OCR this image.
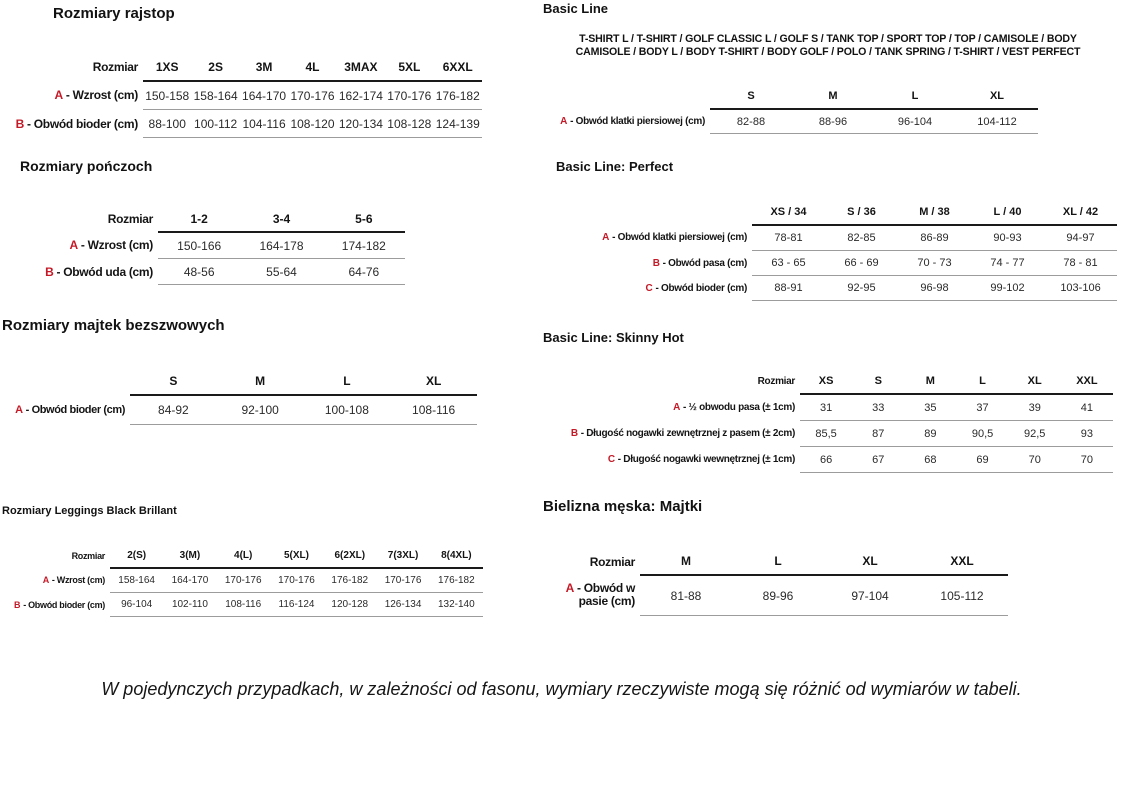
Rozmiary rajstop
Rozmiar	1XS	2S	3M	4L	3MAX	5XL	6XXL
A - Wzrost (cm)	150-158	158-164	164-170	170-176	162-174	170-176	176-182
B - Obwód bioder (cm)	88-100	100-112	104-116	108-120	120-134	108-128	124-139
Rozmiary pończoch
Rozmiar	1-2	3-4	5-6
A - Wzrost (cm)	150-166	164-178	174-182
B - Obwód uda (cm)	48-56	55-64	64-76
Rozmiary majtek bezszwowych
	S	M	L	XL
A - Obwód bioder (cm)	84-92	92-100	100-108	108-116
Rozmiary Leggings Black Brillant
Rozmiar	2(S)	3(M)	4(L)	5(XL)	6(2XL)	7(3XL)	8(4XL)
A - Wzrost (cm)	158-164	164-170	170-176	170-176	176-182	170-176	176-182
B - Obwód bioder (cm)	96-104	102-110	108-116	116-124	120-128	126-134	132-140
Basic Line
T-SHIRT L / T-SHIRT / GOLF CLASSIC L / GOLF S / TANK TOP / SPORT TOP / TOP / CAMISOLE / BODY
CAMISOLE / BODY L / BODY T-SHIRT / BODY GOLF / POLO / TANK SPRING / T-SHIRT / VEST PERFECT
	S	M	L	XL
A - Obwód klatki piersiowej (cm)	82-88	88-96	96-104	104-112
Basic Line: Perfect
	XS / 34	S / 36	M / 38	L / 40	XL / 42
A - Obwód klatki piersiowej (cm)	78-81	82-85	86-89	90-93	94-97
B - Obwód pasa (cm)	63 - 65	66 - 69	70 - 73	74 - 77	78 - 81
C - Obwód bioder (cm)	88-91	92-95	96-98	99-102	103-106
Basic Line: Skinny Hot
Rozmiar	XS	S	M	L	XL	XXL
A - ½ obwodu pasa (± 1cm)	31	33	35	37	39	41
B - Długość nogawki zewnętrznej z pasem (± 2cm)	85,5	87	89	90,5	92,5	93
C - Długość nogawki wewnętrznej (± 1cm)	66	67	68	69	70	70
Bielizna męska: Majtki
Rozmiar	M	L	XL	XXL
A - Obwód w pasie (cm)	81-88	89-96	97-104	105-112

W pojedynczych przypadkach, w zależności od fasonu, wymiary rzeczywiste mogą się różnić od wymiarów w tabeli.
